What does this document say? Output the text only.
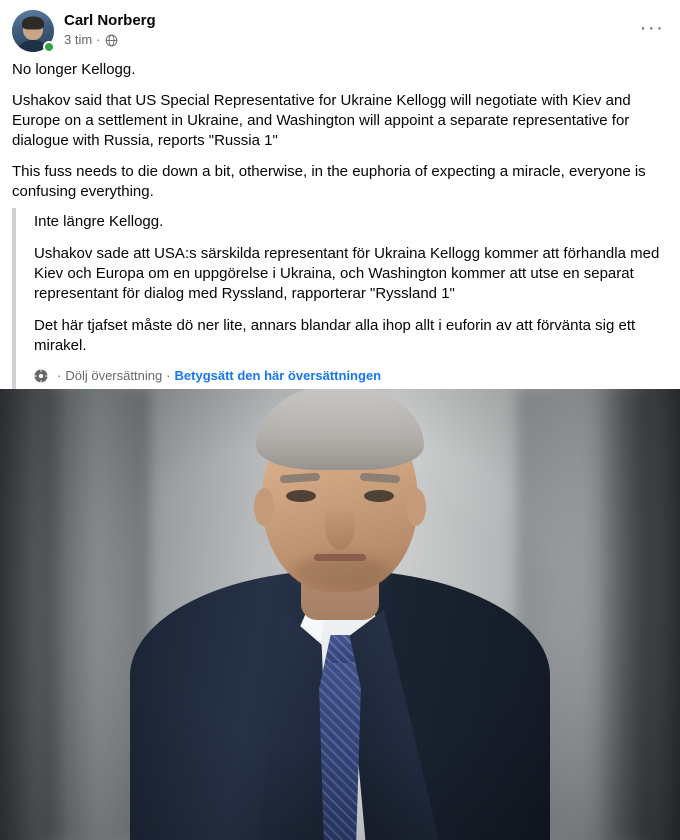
Carl Norberg
3 tim ·
···

No longer Kellogg.

Ushakov said that US Special Representative for Ukraine Kellogg will negotiate with Kiev and Europe on a settlement in Ukraine, and Washington will appoint a separate representative for dialogue with Russia, reports "Russia 1"

This fuss needs to die down a bit, otherwise, in the euphoria of expecting a miracle, everyone is confusing everything.

Inte längre Kellogg.

Ushakov sade att USA:s särskilda representant för Ukraina Kellogg kommer att förhandla med Kiev och Europa om en uppgörelse i Ukraina, och Washington kommer att utse en separat representant för dialog med Ryssland, rapporterar "Ryssland 1"

Det här tjafset måste dö ner lite, annars blandar alla ihop allt i euforin av att förvänta sig ett mirakel.

· Dölj översättning · Betygsätt den här översättningen
